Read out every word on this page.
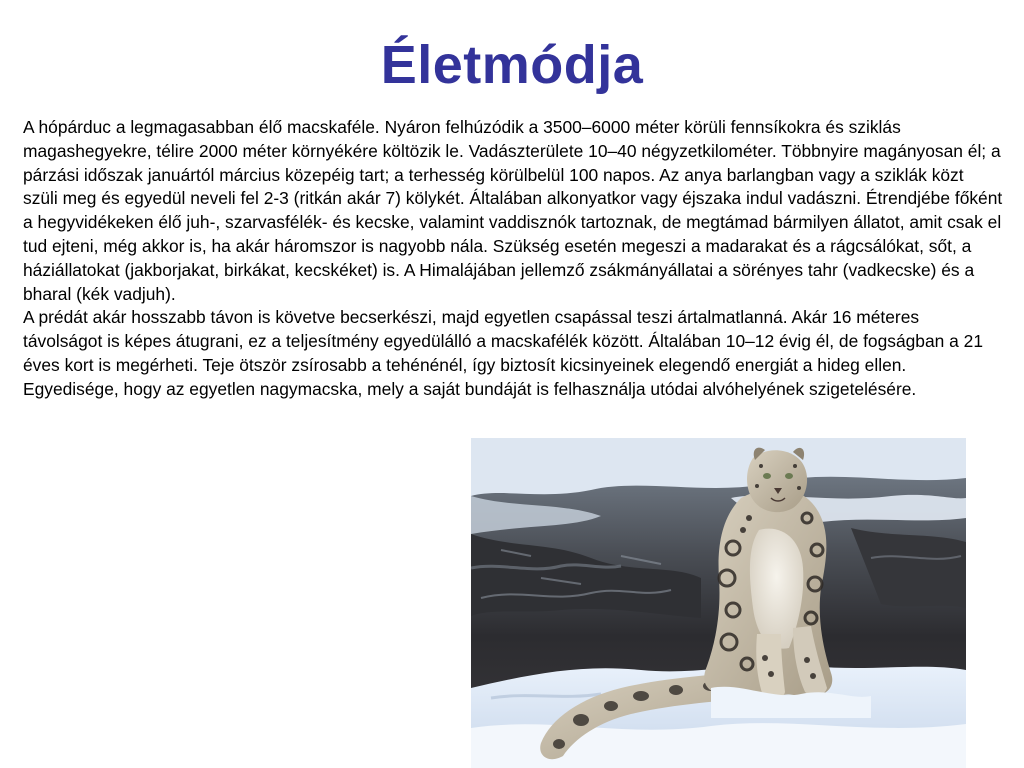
Életmódja

A hópárduc a legmagasabban élő macskaféle. Nyáron felhúzódik a 3500–6000 méter körüli fennsíkokra és sziklás magashegyekre, télire 2000 méter környékére költözik le. Vadászterülete 10–40 négyzetkilométer. Többnyire magányosan él; a párzási időszak januártól március közepéig tart; a terhesség körülbelül 100 napos. Az anya barlangban vagy a sziklák közt szüli meg és egyedül neveli fel 2-3 (ritkán akár 7) kölykét. Általában alkonyatkor vagy éjszaka indul vadászni. Étrendjébe főként a hegyvidékeken élő juh-, szarvasfélék- és kecske, valamint vaddisznók tartoznak, de megtámad bármilyen állatot, amit csak el tud ejteni, még akkor is, ha akár háromszor is nagyobb nála. Szükség esetén megeszi a madarakat és a rágcsálókat, sőt, a háziállatokat (jakborjakat, birkákat, kecskéket) is. A Himalájában jellemző zsákmányállatai a sörényes tahr (vadkecske) és a bharal (kék vadjuh).

A prédát akár hosszabb távon is követve becserkészi, majd egyetlen csapással teszi ártalmatlanná. Akár 16 méteres távolságot is képes átugrani, ez a teljesítmény egyedülálló a macskafélék között. Általában 10–12 évig él, de fogságban a 21 éves kort is megérheti. Teje ötször zsírosabb a tehénénél, így biztosít kicsinyeinek elegendő energiát a hideg ellen. Egyedisége, hogy az egyetlen nagymacska, mely a saját bundáját is felhasználja utódai alvóhelyének szigetelésére.
